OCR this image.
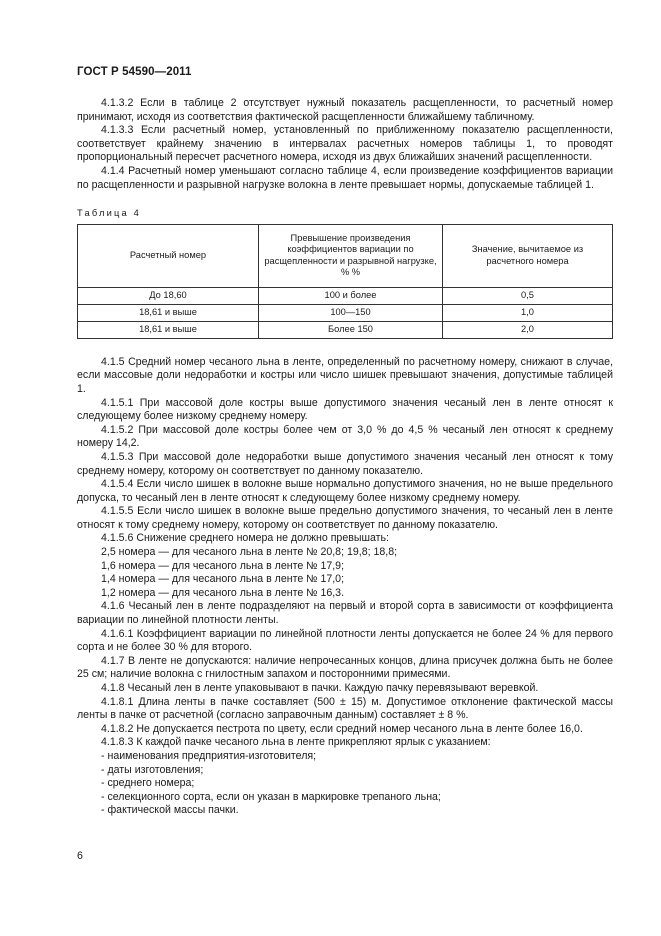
ГОСТ Р 54590—2011

4.1.3.2 Если в таблице 2 отсутствует нужный показатель расщепленности, то расчетный номер принимают, исходя из соответствия фактической расщепленности ближайшему табличному.

4.1.3.3 Если расчетный номер, установленный по приближенному показателю расщепленности, соответствует крайнему значению в интервалах расчетных номеров таблицы 1, то проводят пропорциональный пересчет расчетного номера, исходя из двух ближайших значений расщепленности.

4.1.4 Расчетный номер уменьшают согласно таблице 4, если произведение коэффициентов вариации по расщепленности и разрывной нагрузке волокна в ленте превышает нормы, допускаемые таблицей 1.

Таблица 4
Расчетный номер	Превышение произведения коэффициентов вариации по расщепленности и разрывной нагрузке, % %	Значение, вычитаемое из расчетного номера
До 18,60	100 и более	0,5
18,61 и выше	100—150	1,0
18,61 и выше	Более 150	2,0

4.1.5 Средний номер чесаного льна в ленте, определенный по расчетному номеру, снижают в случае, если массовые доли недоработки и костры или число шишек превышают значения, допустимые таблицей 1.

4.1.5.1 При массовой доле костры выше допустимого значения чесаный лен в ленте относят к следующему более низкому среднему номеру.

4.1.5.2 При массовой доле костры более чем от 3,0 % до 4,5 % чесаный лен относят к среднему номеру 14,2.

4.1.5.3 При массовой доле недоработки выше допустимого значения чесаный лен относят к тому среднему номеру, которому он соответствует по данному показателю.

4.1.5.4 Если число шишек в волокне выше нормально допустимого значения, но не выше предельного допуска, то чесаный лен в ленте относят к следующему более низкому среднему номеру.

4.1.5.5 Если число шишек в волокне выше предельно допустимого значения, то чесаный лен в ленте относят к тому среднему номеру, которому он соответствует по данному показателю.

4.1.5.6 Снижение среднего номера не должно превышать:

2,5 номера — для чесаного льна в ленте № 20,8; 19,8; 18,8;

1,6 номера — для чесаного льна в ленте № 17,9;

1,4 номера — для чесаного льна в ленте № 17,0;

1,2 номера — для чесаного льна в ленте № 16,3.

4.1.6 Чесаный лен в ленте подразделяют на первый и второй сорта в зависимости от коэффициента вариации по линейной плотности ленты.

4.1.6.1 Коэффициент вариации по линейной плотности ленты допускается не более 24 % для первого сорта и не более 30 % для второго.

4.1.7 В ленте не допускаются: наличие непрочесанных концов, длина присучек должна быть не более 25 см; наличие волокна с гнилостным запахом и посторонними примесями.

4.1.8 Чесаный лен в ленте упаковывают в пачки. Каждую пачку перевязывают веревкой.

4.1.8.1 Длина ленты в пачке составляет (500 ± 15) м. Допустимое отклонение фактической массы ленты в пачке от расчетной (согласно заправочным данным) составляет ± 8 %.

4.1.8.2 Не допускается пестрота по цвету, если средний номер чесаного льна в ленте более 16,0.

4.1.8.3 К каждой пачке чесаного льна в ленте прикрепляют ярлык с указанием:

- наименования предприятия-изготовителя;

- даты изготовления;

- среднего номера;

- селекционного сорта, если он указан в маркировке трепаного льна;

- фактической массы пачки.

6
